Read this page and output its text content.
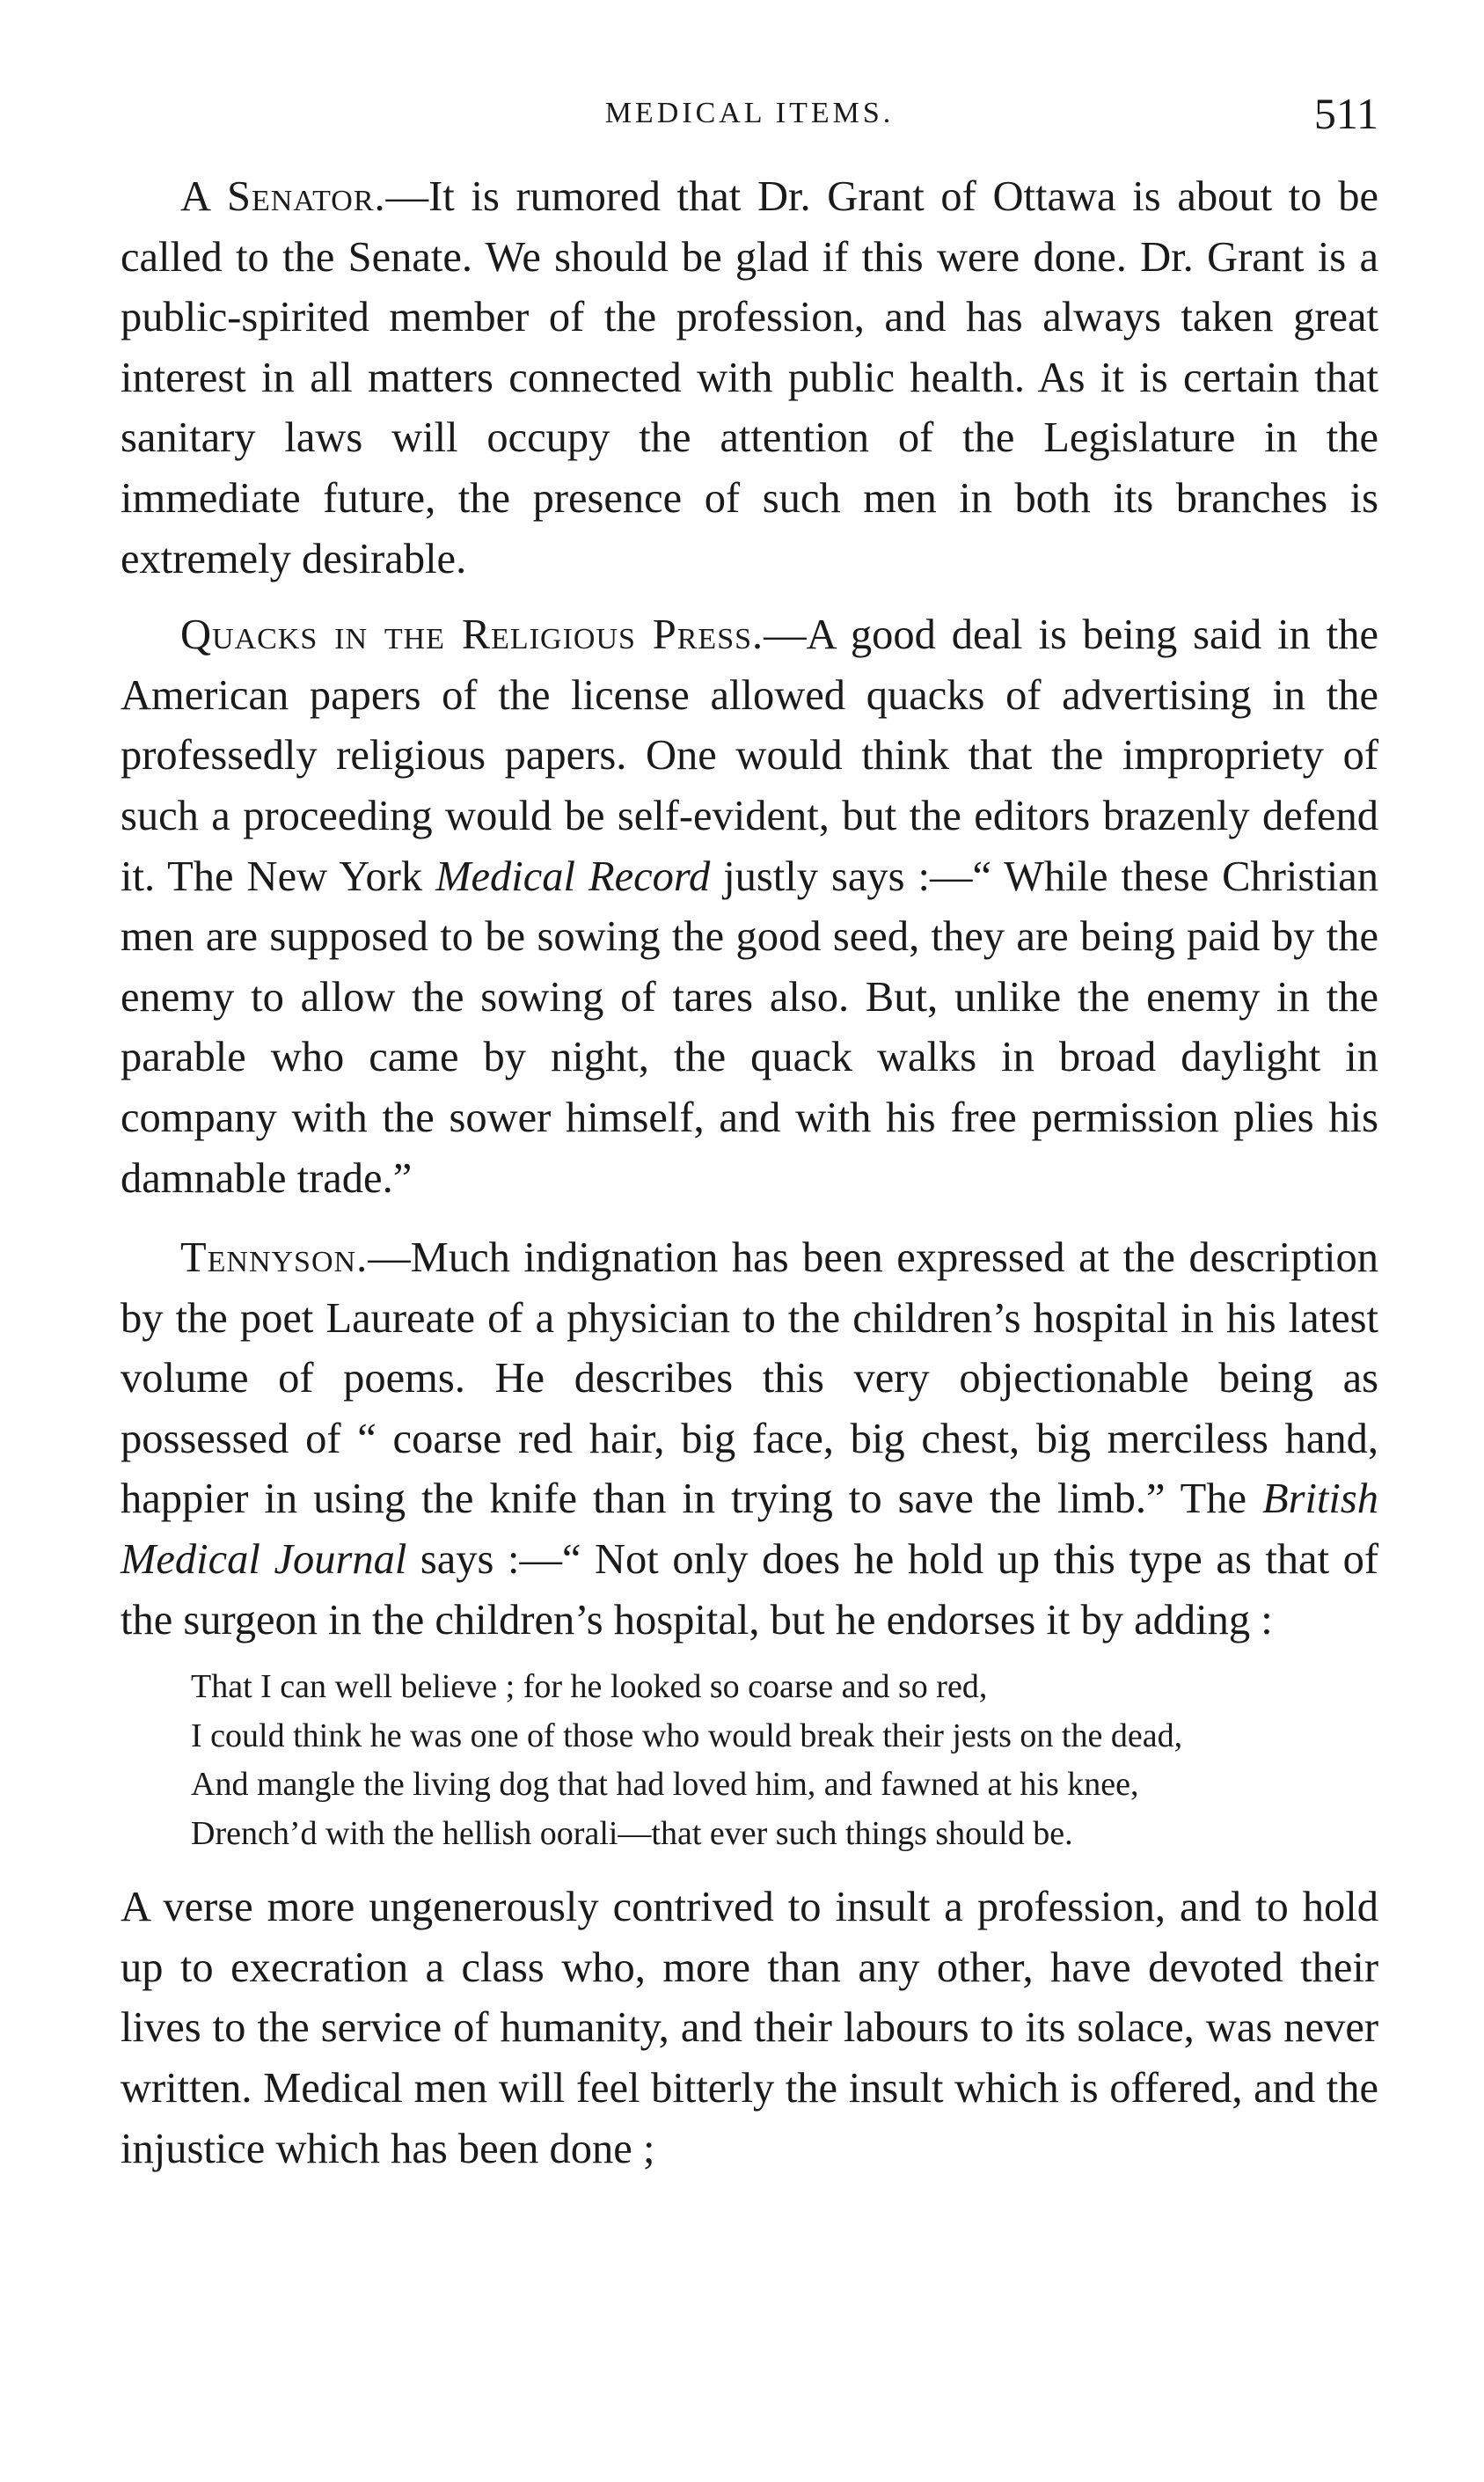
MEDICAL ITEMS.	511

A Senator.—It is rumored that Dr. Grant of Ottawa is about to be called to the Senate. We should be glad if this were done. Dr. Grant is a public-spirited member of the profession, and has always taken great interest in all matters connected with public health. As it is certain that sanitary laws will occupy the attention of the Legislature in the immediate future, the presence of such men in both its branches is extremely desirable.

Quacks in the Religious Press.—A good deal is being said in the American papers of the license allowed quacks of advertising in the professedly religious papers. One would think that the impropriety of such a proceeding would be self-evident, but the editors brazenly defend it. The New York Medical Record justly says :—“ While these Christian men are supposed to be sowing the good seed, they are being paid by the enemy to allow the sowing of tares also. But, unlike the enemy in the parable who came by night, the quack walks in broad daylight in company with the sower himself, and with his free permission plies his damnable trade.”

Tennyson.—Much indignation has been expressed at the description by the poet Laureate of a physician to the children’s hospital in his latest volume of poems. He describes this very objectionable being as possessed of “ coarse red hair, big face, big chest, big merciless hand, happier in using the knife than in trying to save the limb.” The British Medical Journal says :—“ Not only does he hold up this type as that of the surgeon in the children’s hospital, but he endorses it by adding :

That I can well believe ; for he looked so coarse and so red,
I could think he was one of those who would break their jests on the dead,
And mangle the living dog that had loved him, and fawned at his knee,
Drench’d with the hellish oorali—that ever such things should be.

A verse more ungenerously contrived to insult a profession, and to hold up to execration a class who, more than any other, have devoted their lives to the service of humanity, and their labours to its solace, was never written. Medical men will feel bitterly the insult which is offered, and the injustice which has been done ;
